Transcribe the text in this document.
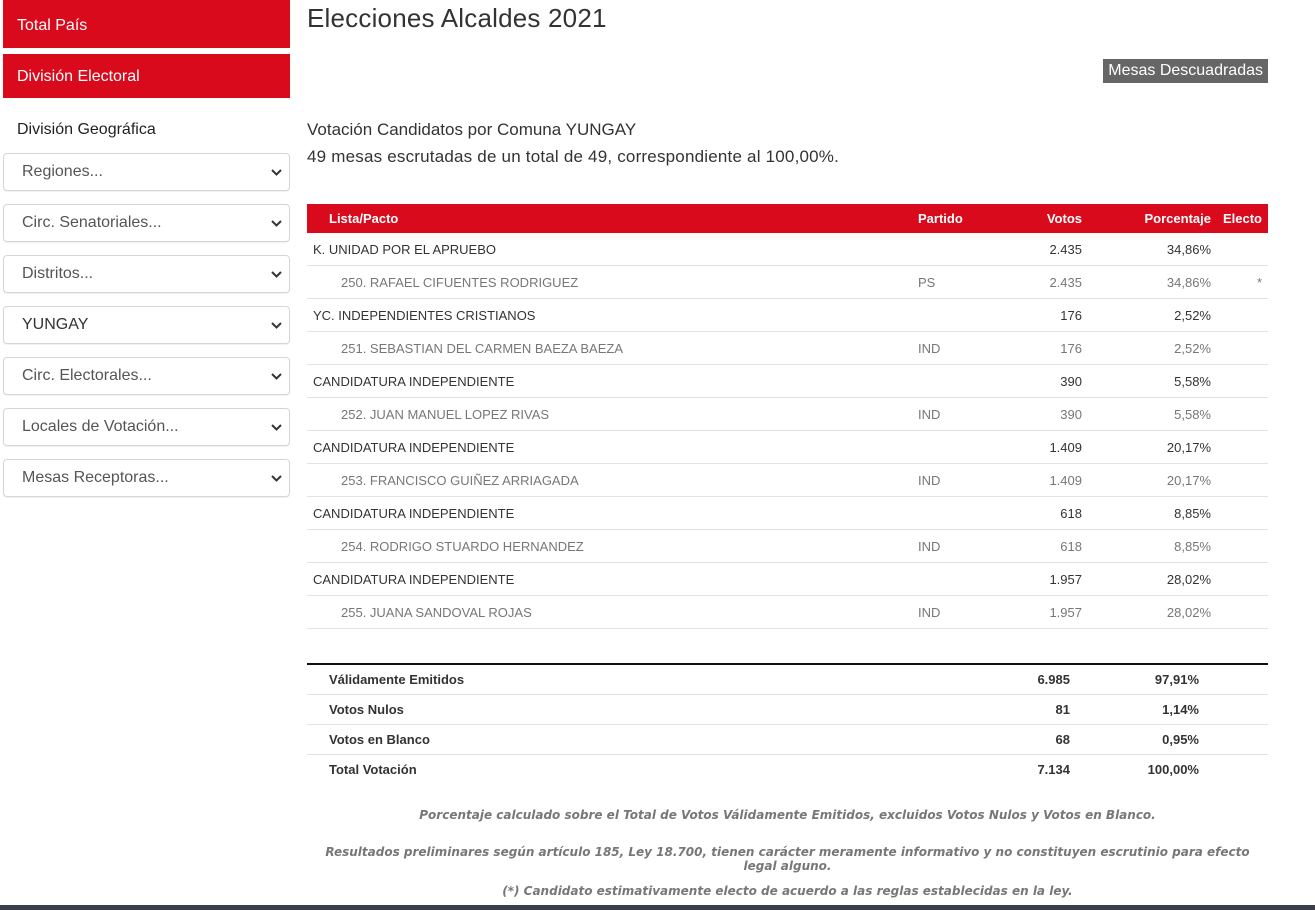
Total País
División Electoral
División Geográfica
Regiones...
Circ. Senatoriales...
Distritos...
YUNGAY
Circ. Electorales...
Locales de Votación...
Mesas Receptoras...
Elecciones Alcaldes 2021
Mesas Descuadradas
Votación Candidatos por Comuna YUNGAY
49 mesas escrutadas de un total de 49, correspondiente al 100,00%.
Lista/Pacto	Partido	Votos	Porcentaje	Electo
K. UNIDAD POR EL APRUEBO		2.435	34,86%	
250. RAFAEL CIFUENTES RODRIGUEZ	PS	2.435	34,86%	*
YC. INDEPENDIENTES CRISTIANOS		176	2,52%	
251. SEBASTIAN DEL CARMEN BAEZA BAEZA	IND	176	2,52%	
CANDIDATURA INDEPENDIENTE		390	5,58%	
252. JUAN MANUEL LOPEZ RIVAS	IND	390	5,58%	
CANDIDATURA INDEPENDIENTE		1.409	20,17%	
253. FRANCISCO GUIÑEZ ARRIAGADA	IND	1.409	20,17%	
CANDIDATURA INDEPENDIENTE		618	8,85%	
254. RODRIGO STUARDO HERNANDEZ	IND	618	8,85%	
CANDIDATURA INDEPENDIENTE		1.957	28,02%	
255. JUANA SANDOVAL ROJAS	IND	1.957	28,02%	
Válidamente Emitidos		6.985	97,91%	
Votos Nulos		81	1,14%	
Votos en Blanco		68	0,95%	
Total Votación		7.134	100,00%	
Porcentaje calculado sobre el Total de Votos Válidamente Emitidos, excluidos Votos Nulos y Votos en Blanco.
Resultados preliminares según artículo 185, Ley 18.700, tienen carácter meramente informativo y no constituyen escrutinio para efecto legal alguno.
(*) Candidato estimativamente electo de acuerdo a las reglas establecidas en la ley.
